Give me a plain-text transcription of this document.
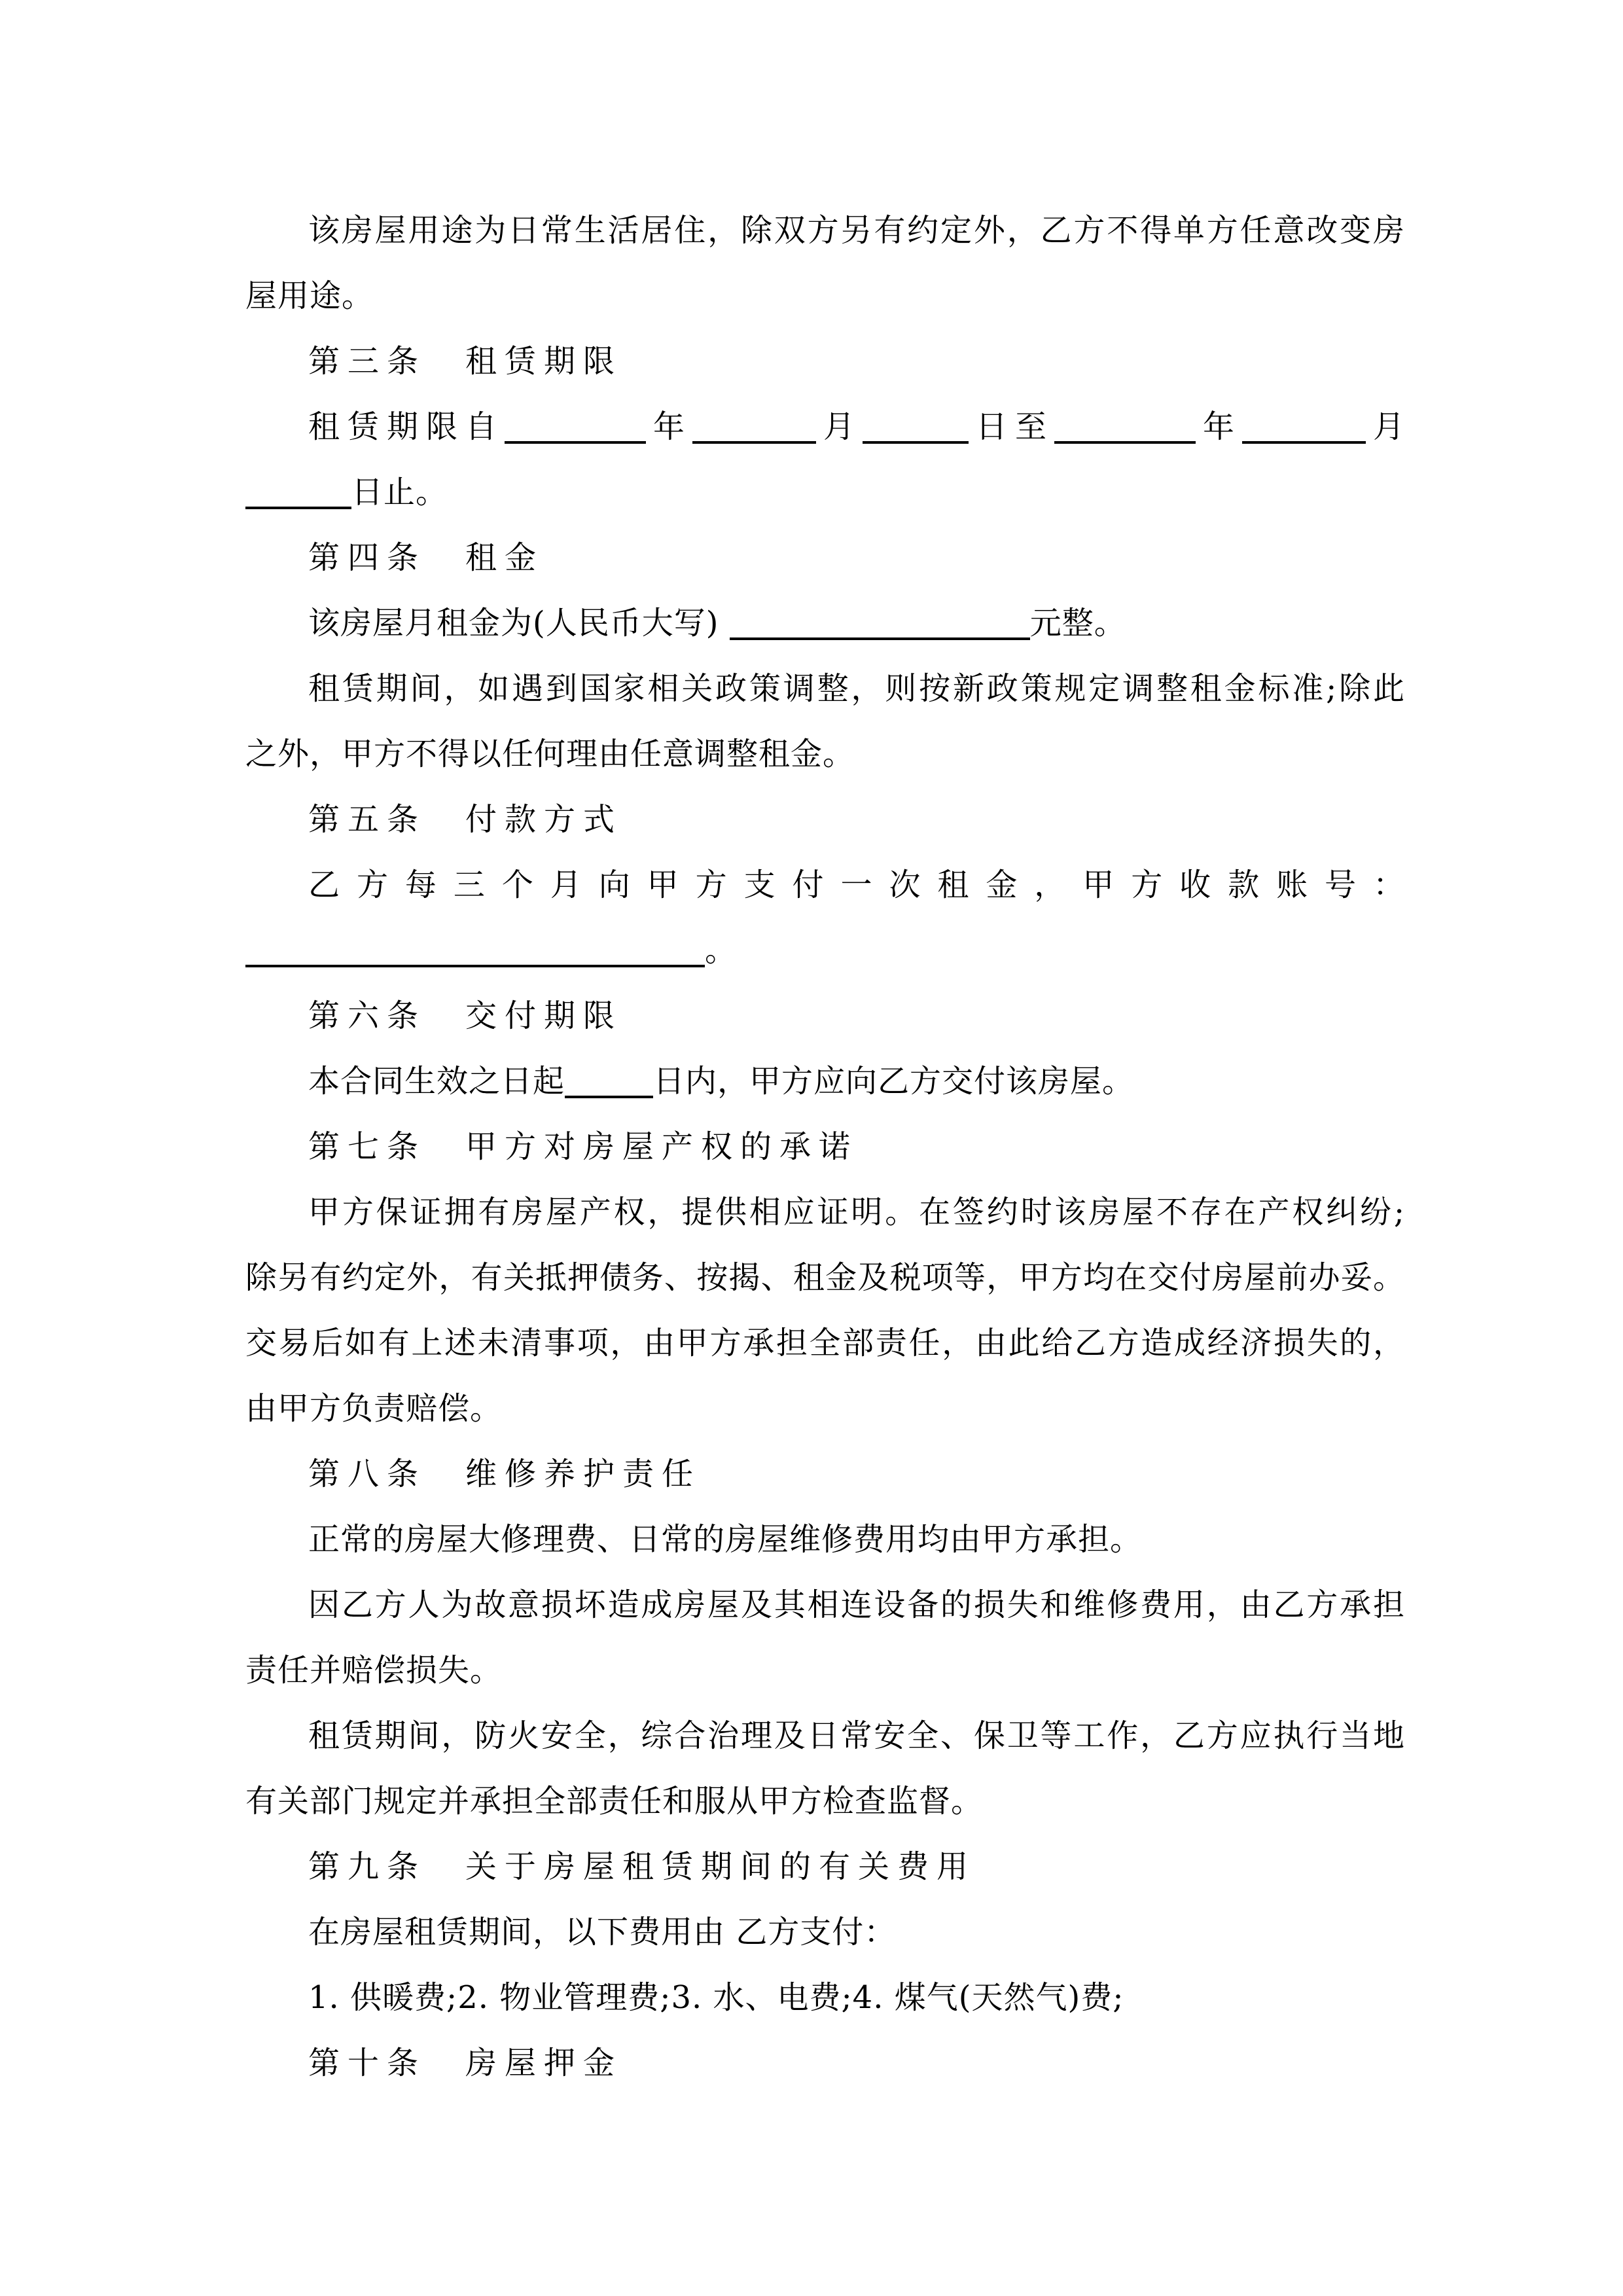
该房屋用途为日常生活居住，除双方另有约定外，乙方不得单方任意改变房
屋用途。
第三条　租赁期限
租赁期限自	年	月	日至	年	月
日止。
第四条　租金
该房屋月租金为(人民币大写)	元整。
租赁期间，如遇到国家相关政策调整，则按新政策规定调整租金标准;除此
之外，甲方不得以任何理由任意调整租金。
第五条　付款方式
乙方每三个月向甲方支付一次租金，甲方收款账号：
。
第六条　交付期限
本合同生效之日起	日内，甲方应向乙方交付该房屋。
第七条　甲方对房屋产权的承诺
甲方保证拥有房屋产权，提供相应证明。在签约时该房屋不存在产权纠纷;
除另有约定外，有关抵押债务、按揭、租金及税项等，甲方均在交付房屋前办妥。
交易后如有上述未清事项，由甲方承担全部责任，由此给乙方造成经济损失的，
由甲方负责赔偿。
第八条　维修养护责任
正常的房屋大修理费、日常的房屋维修费用均由甲方承担。
因乙方人为故意损坏造成房屋及其相连设备的损失和维修费用，由乙方承担
责任并赔偿损失。
租赁期间，防火安全，综合治理及日常安全、保卫等工作，乙方应执行当地
有关部门规定并承担全部责任和服从甲方检查监督。
第九条　关于房屋租赁期间的有关费用
在房屋租赁期间，以下费用由 乙方支付：
1. 供暖费;2. 物业管理费;3. 水、电费;4. 煤气(天然气)费;
第十条　房屋押金
